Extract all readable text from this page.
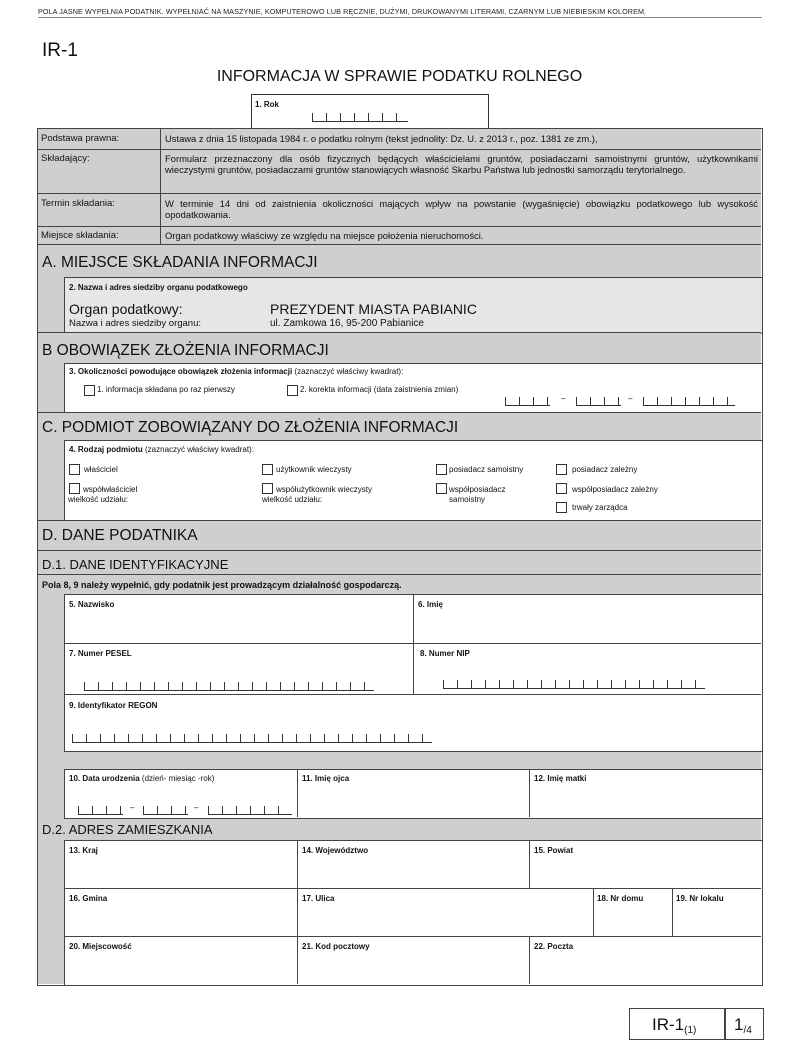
POLA JASNE WYPEŁNIA PODATNIK. WYPEŁNIAĆ NA MASZYNIE, KOMPUTEROWO LUB RĘCZNIE, DUŻYMI, DRUKOWANYMI LITERAMI, CZARNYM LUB NIEBIESKIM KOLOREM.
IR-1
INFORMACJA W SPRAWIE PODATKU ROLNEGO
1. Rok
Podstawa prawna:	Ustawa z dnia 15 listopada 1984 r. o podatku rolnym (tekst jednolity: Dz. U. z 2013 r., poz. 1381 ze zm.),
Składający:	Formularz przeznaczony dla osób fizycznych będących właścicielami gruntów, posiadaczami samoistnymi gruntów, użytkownikami wieczystymi gruntów, posiadaczami gruntów stanowiących własność Skarbu Państwa lub jednostki samorządu terytorialnego.
Termin składania:	W terminie 14 dni od zaistnienia okoliczności mających wpływ na powstanie (wygaśnięcie) obowiązku podatkowego lub wysokość opodatkowania.
Miejsce składania:	Organ podatkowy właściwy ze względu na miejsce położenia nieruchomości.
A. MIEJSCE SKŁADANIA INFORMACJI
2. Nazwa i adres siedziby organu podatkowego
Organ podatkowy:
Nazwa i adres siedziby organu:
PREZYDENT MIASTA PABIANIC
ul. Zamkowa 16, 95-200 Pabianice
B OBOWIĄZEK ZŁOŻENIA INFORMACJI
3. Okoliczności powodujące obowiązek złożenia informacji (zaznaczyć właściwy kwadrat):
1. informacja składana po raz pierwszy	2. korekta informacji (data zaistnienia zmian)
–	–
C. PODMIOT ZOBOWIĄZANY DO ZŁOŻENIA INFORMACJI
4. Rodzaj podmiotu (zaznaczyć właściwy kwadrat):
właściciel	użytkownik wieczysty	posiadacz samoistny	posiadacz zależny
współwłaściciel
wielkość udziału:
współużytkownik wieczysty
wielkość udziału:
współposiadacz
samoistny
współposiadacz zależny
trwały zarządca
D. DANE PODATNIKA
D.1. DANE IDENTYFIKACYJNE
Pola 8, 9 należy wypełnić, gdy podatnik jest prowadzącym działalność gospodarczą.
5. Nazwisko	6. Imię
7. Numer PESEL	8. Numer NIP
9. Identyfikator REGON
10. Data urodzenia (dzień- miesiąc -rok)
–	–
11. Imię ojca	12. Imię matki
D.2. ADRES ZAMIESZKANIA
13. Kraj	14. Województwo	15. Powiat
16. Gmina	17. Ulica	18. Nr domu	19. Nr lokalu
20. Miejscowość	21. Kod pocztowy	22. Poczta
IR-1(1) 1/4
